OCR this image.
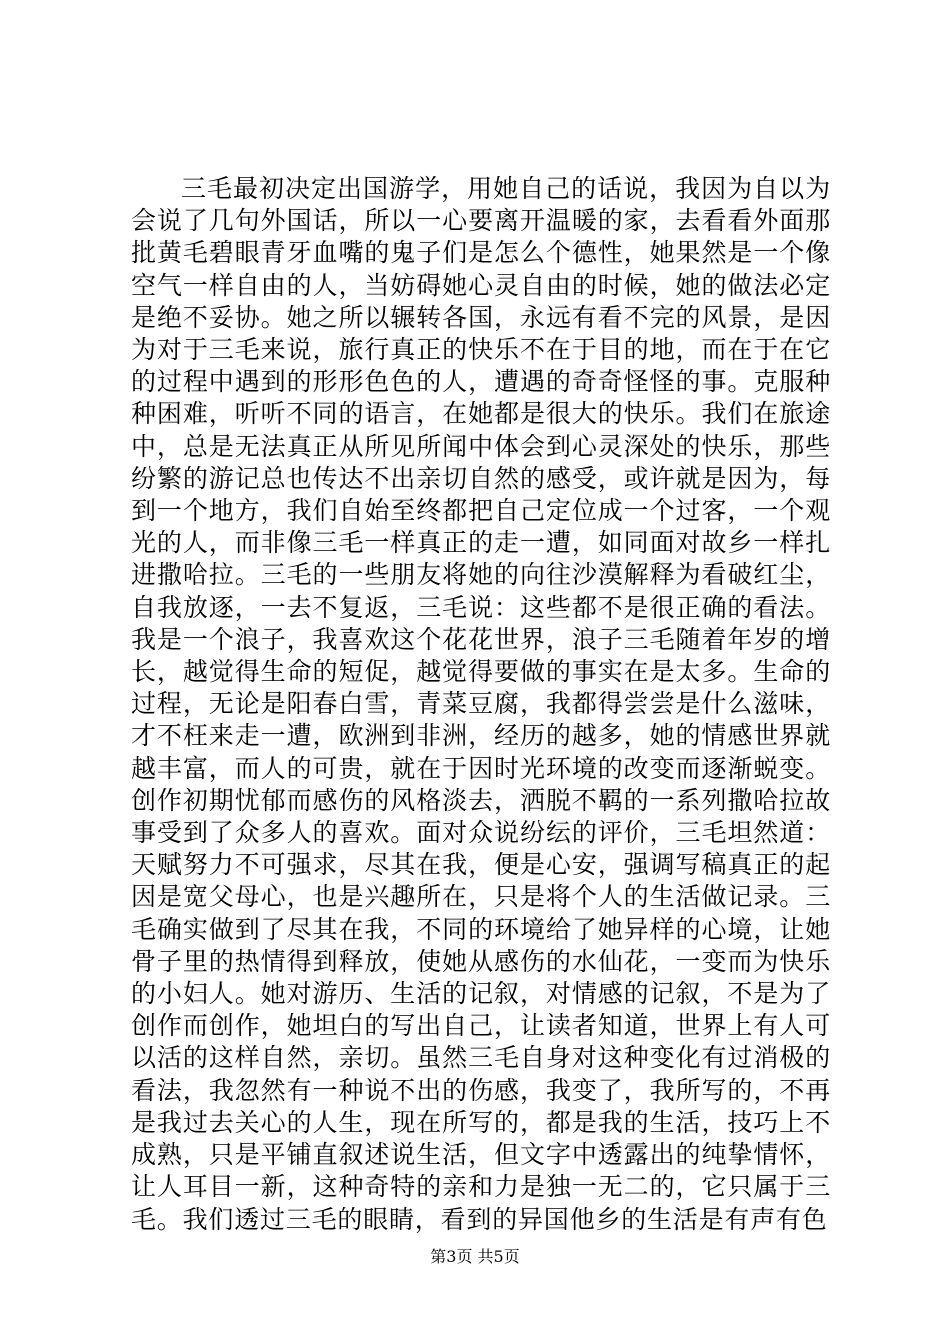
三毛最初决定出国游学，用她自己的话说，我因为自以为会说了几句外国话，所以一心要离开温暖的家，去看看外面那批黄毛碧眼青牙血嘴的鬼子们是怎么个德性，她果然是一个像空气一样自由的人，当妨碍她心灵自由的时候，她的做法必定是绝不妥协。她之所以辗转各国，永远有看不完的风景，是因为对于三毛来说，旅行真正的快乐不在于目的地，而在于在它的过程中遇到的形形色色的人，遭遇的奇奇怪怪的事。克服种种困难，听听不同的语言，在她都是很大的快乐。我们在旅途中，总是无法真正从所见所闻中体会到心灵深处的快乐，那些纷繁的游记总也传达不出亲切自然的感受，或许就是因为，每到一个地方，我们自始至终都把自己定位成一个过客，一个观光的人，而非像三毛一样真正的走一遭，如同面对故乡一样扎进撒哈拉。三毛的一些朋友将她的向往沙漠解释为看破红尘，自我放逐，一去不复返，三毛说：这些都不是很正确的看法。我是一个浪子，我喜欢这个花花世界，浪子三毛随着年岁的增长，越觉得生命的短促，越觉得要做的事实在是太多。生命的过程，无论是阳春白雪，青菜豆腐，我都得尝尝是什么滋味，才不枉来走一遭，欧洲到非洲，经历的越多，她的情感世界就越丰富，而人的可贵，就在于因时光环境的改变而逐渐蜕变。创作初期忧郁而感伤的风格淡去，洒脱不羁的一系列撒哈拉故事受到了众多人的喜欢。面对众说纷纭的评价，三毛坦然道：天赋努力不可强求，尽其在我，便是心安，强调写稿真正的起因是宽父母心，也是兴趣所在，只是将个人的生活做记录。三毛确实做到了尽其在我，不同的环境给了她异样的心境，让她骨子里的热情得到释放，使她从感伤的水仙花，一变而为快乐的小妇人。她对游历、生活的记叙，对情感的记叙，不是为了创作而创作，她坦白的写出自己，让读者知道，世界上有人可以活的这样自然，亲切。虽然三毛自身对这种变化有过消极的看法，我忽然有一种说不出的伤感，我变了，我所写的，不再是我过去关心的人生，现在所写的，都是我的生活，技巧上不成熟，只是平铺直叙述说生活，但文字中透露出的纯挚情怀，让人耳目一新，这种奇特的亲和力是独一无二的，它只属于三毛。我们透过三毛的眼睛，看到的异国他乡的生活是有声有色

第3页 共5页
